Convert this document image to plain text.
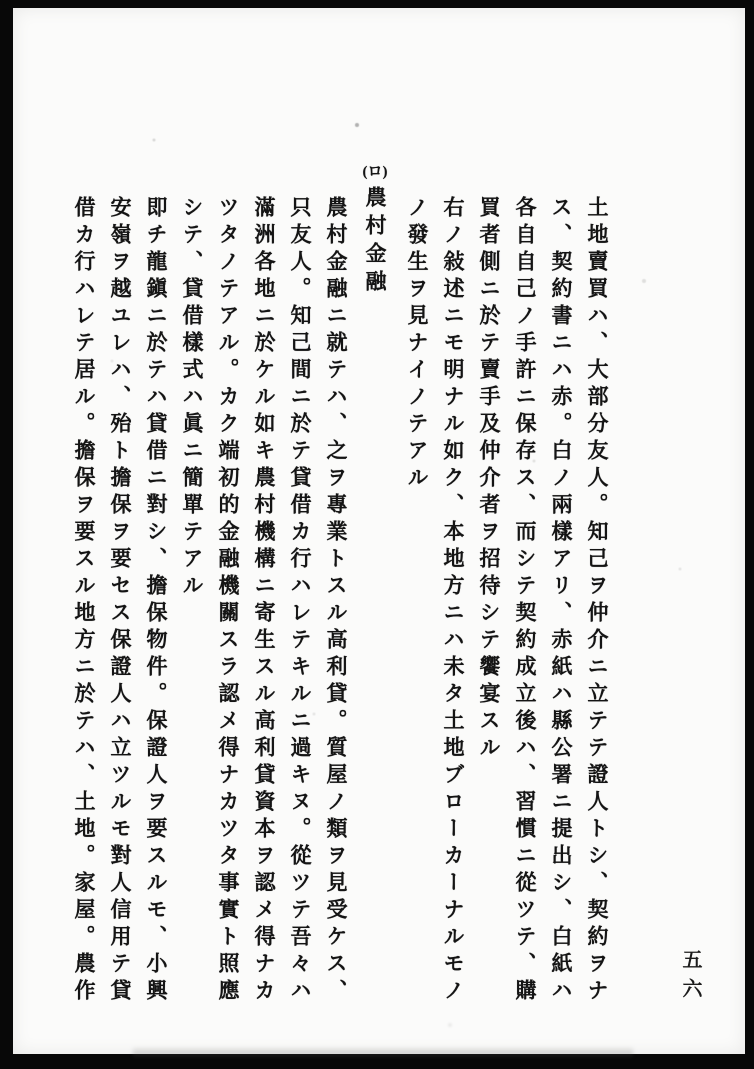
土地賣買ハ、大部分友人。知己ヲ仲介ニ立テテ證人トシ、契約ヲナス、契約書ニハ赤。白ノ兩樣アリ、赤紙ハ縣公署ニ提出シ、白紙ハ各自自己ノ手許ニ保存ス、而シテ契約成立後ハ、習慣ニ從ツテ、購買者側ニ於テ賣手及仲介者ヲ招待シテ饗宴スル

右ノ敍述ニモ明ナル如ク、本地方ニハ未タ土地ブローカーナルモノノ發生ヲ見ナイノテアル

(ロ)農村金融

農村金融ニ就テハ、之ヲ專業トスル高利貸。質屋ノ類ヲ見受ケス、只友人。知己間ニ於テ貸借カ行ハレテキルニ過キヌ。從ツテ吾々ハ滿洲各地ニ於ケル如キ農村機構ニ寄生スル高利貸資本ヲ認メ得ナカツタノテアル。カク端初的金融機關スラ認メ得ナカツタ事實ト照應シテ、貸借樣式ハ眞ニ簡單テアル

即チ龍鎭ニ於テハ貸借ニ對シ、擔保物件。保證人ヲ要スルモ、小興安嶺ヲ越ユレハ、殆ト擔保ヲ要セス保證人ハ立ツルモ對人信用テ貸借カ行ハレテ居ル。擔保ヲ要スル地方ニ於テハ、土地。家屋。農作	五六
